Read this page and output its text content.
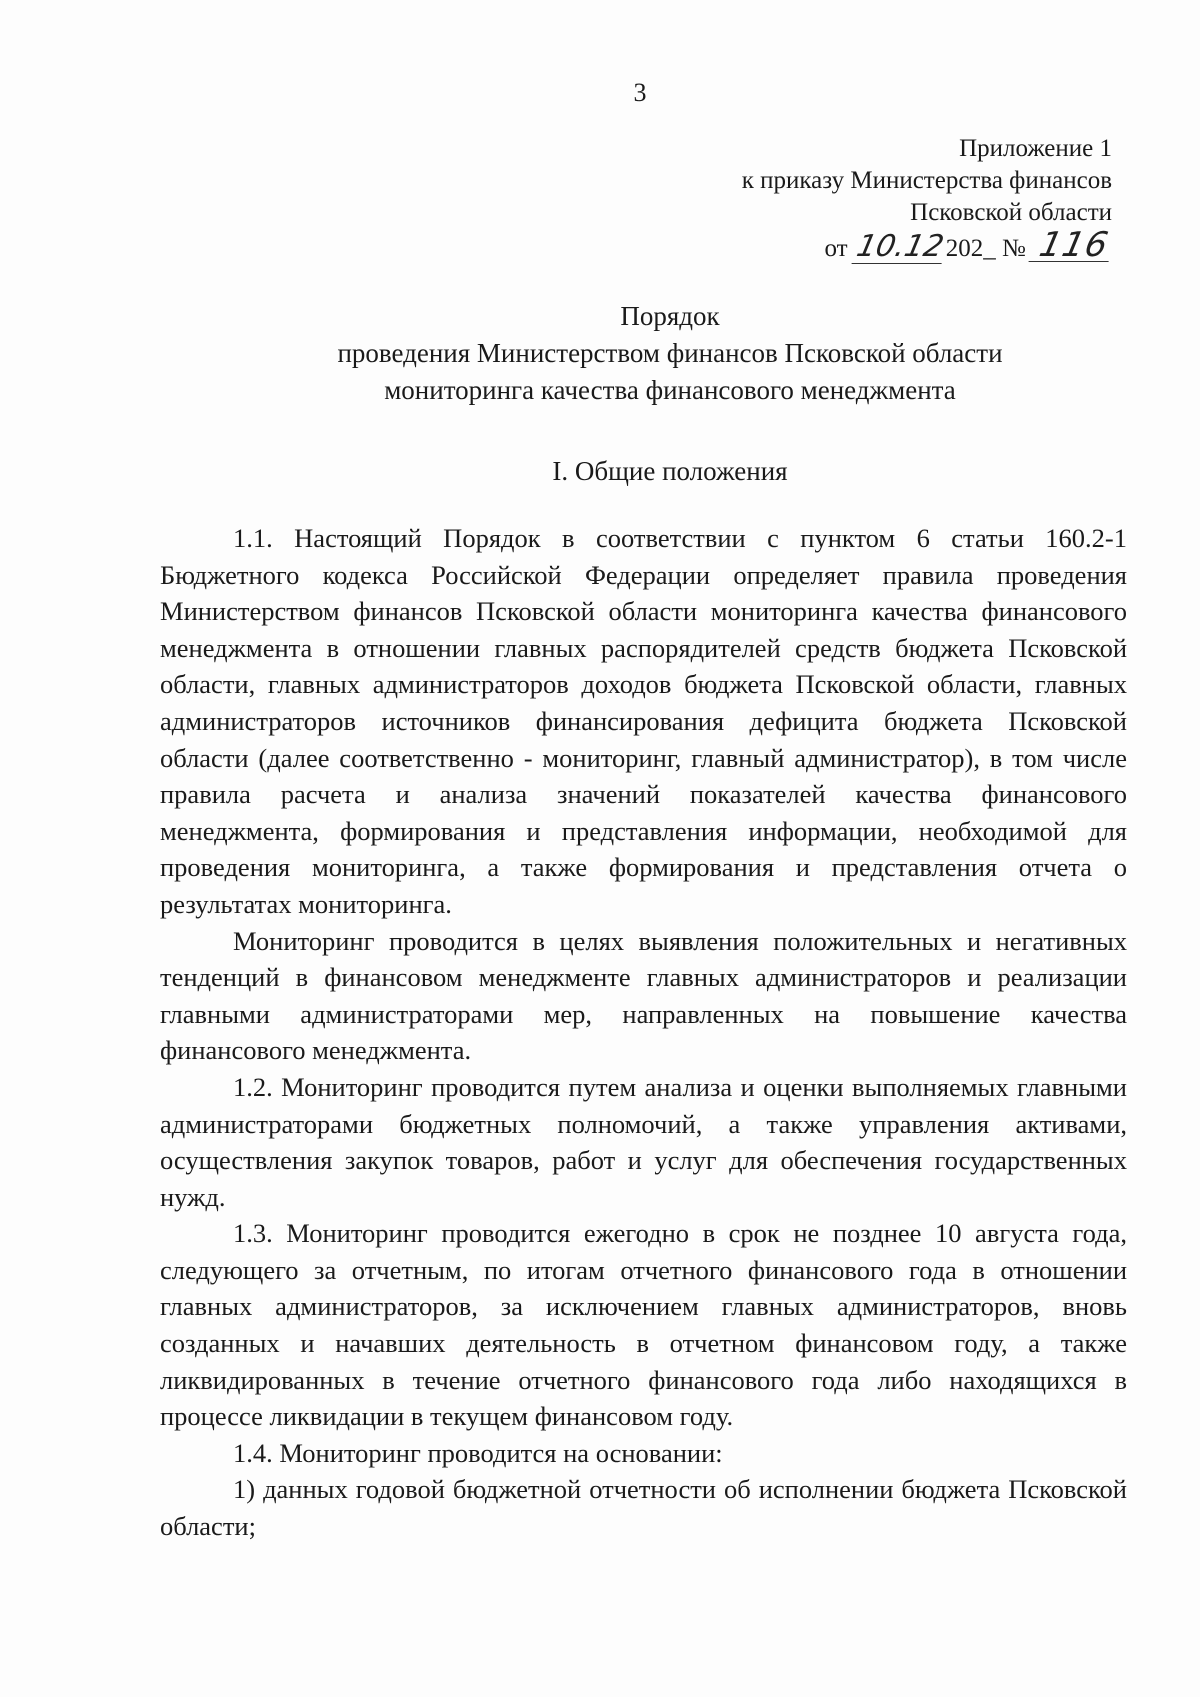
3
Приложение 1
к приказу Министерства финансов
Псковской области
от 10.12202_ № 116
Порядок
проведения Министерством финансов Псковской области
мониторинга качества финансового менеджмента
I. Общие положения

1.1. Настоящий Порядок в соответствии с пунктом 6 статьи 160.2-1 Бюджетного кодекса Российской Федерации определяет правила проведения Министерством финансов Псковской области мониторинга качества финансового менеджмента в отношении главных распорядителей средств бюджета Псковской области, главных администраторов доходов бюджета Псковской области, главных администраторов источников финансирования дефицита бюджета Псковской области (далее соответственно - мониторинг, главный администратор), в том числе правила расчета и анализа значений показателей качества финансового менеджмента, формирования и представления информации, необходимой для проведения мониторинга, а также формирования и представления отчета о результатах мониторинга.

Мониторинг проводится в целях выявления положительных и негативных тенденций в финансовом менеджменте главных администраторов и реализации главными администраторами мер, направленных на повышение качества финансового менеджмента.

1.2. Мониторинг проводится путем анализа и оценки выполняемых главными администраторами бюджетных полномочий, а также управления активами, осуществления закупок товаров, работ и услуг для обеспечения государственных нужд.

1.3. Мониторинг проводится ежегодно в срок не позднее 10 августа года, следующего за отчетным, по итогам отчетного финансового года в отношении главных администраторов, за исключением главных администраторов, вновь созданных и начавших деятельность в отчетном финансовом году, а также ликвидированных в течение отчетного финансового года либо находящихся в процессе ликвидации в текущем финансовом году.

1.4. Мониторинг проводится на основании:

1) данных годовой бюджетной отчетности об исполнении бюджета Псковской области;
